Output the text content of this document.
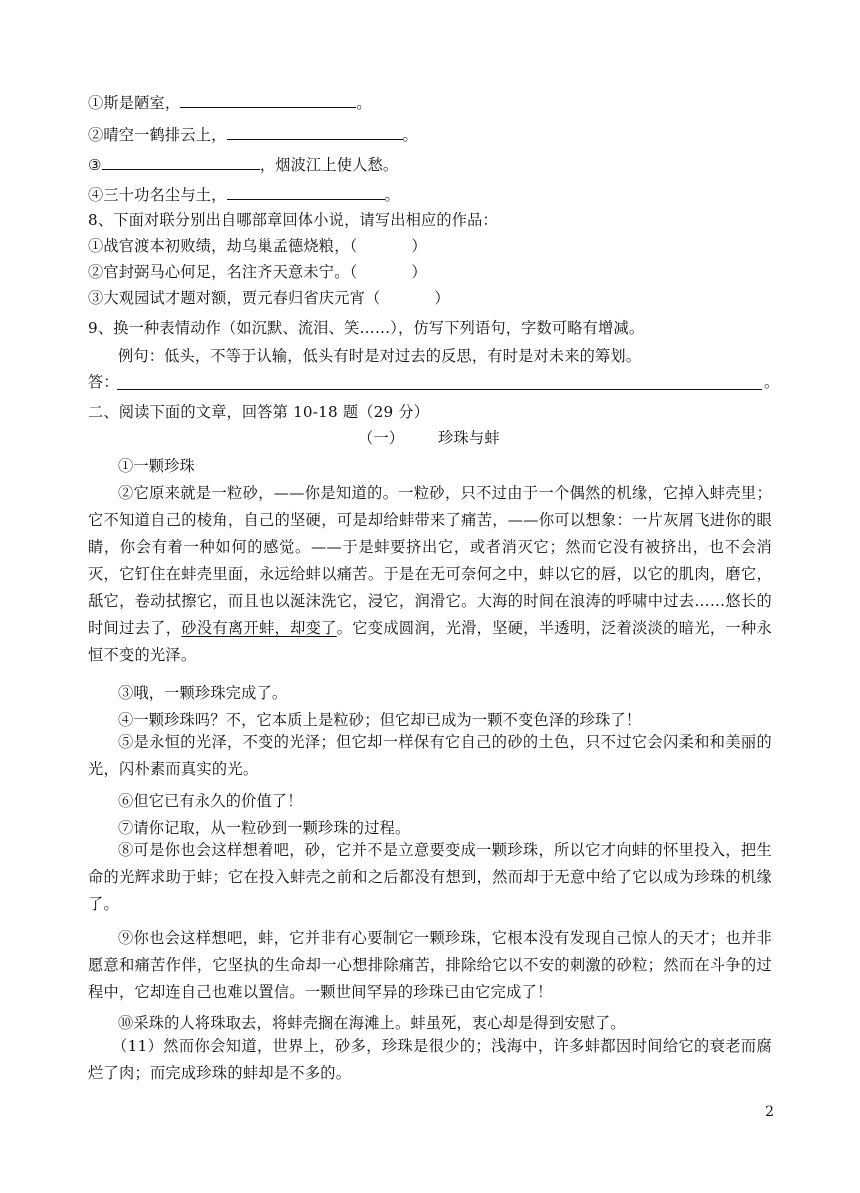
①斯是陋室，	。
②晴空一鹤排云上，	。
③	，烟波江上使人愁。
④三十功名尘与土，	。
8、下面对联分别出自哪部章回体小说，请写出相应的作品：
①战官渡本初败绩，劫乌巢孟德烧粮，（	）
②官封弼马心何足，名注齐天意未宁。（	）
③大观园试才题对额，贾元春归省庆元宵（	）
9、换一种表情动作（如沉默、流泪、笑……），仿写下列语句，字数可略有增减。
例句：低头，不等于认输，低头有时是对过去的反思，有时是对未来的筹划。
答：	。
二、阅读下面的文章，回答第 10-18 题（29 分）
（一） 珍珠与蚌
①一颗珍珠
②它原来就是一粒砂，——你是知道的。一粒砂，只不过由于一个偶然的机缘，它掉入蚌壳里；它不知道自己的棱角，自己的坚硬，可是却给蚌带来了痛苦，——你可以想象：一片灰屑飞进你的眼睛，你会有着一种如何的感觉。——于是蚌要挤出它，或者消灭它；然而它没有被挤出，也不会消灭，它钉住在蚌壳里面，永远给蚌以痛苦。于是在无可奈何之中，蚌以它的唇，以它的肌肉，磨它，舐它，卷动拭擦它，而且也以涎沫洗它，浸它，润滑它。大海的时间在浪涛的呼啸中过去……悠长的时间过去了，砂没有离开蚌，却变了。它变成圆润，光滑，坚硬，半透明，泛着淡淡的暗光，一种永恒不变的光泽。
③哦，一颗珍珠完成了。
④一颗珍珠吗？不，它本质上是粒砂；但它却已成为一颗不变色泽的珍珠了！
⑤是永恒的光泽，不变的光泽；但它却一样保有它自己的砂的土色，只不过它会闪柔和和美丽的光，闪朴素而真实的光。
⑥但它已有永久的价值了！
⑦请你记取，从一粒砂到一颗珍珠的过程。
⑧可是你也会这样想着吧，砂，它并不是立意要变成一颗珍珠，所以它才向蚌的怀里投入，把生命的光辉求助于蚌；它在投入蚌壳之前和之后都没有想到，然而却于无意中给了它以成为珍珠的机缘了。
⑨你也会这样想吧，蚌，它并非有心要制它一颗珍珠，它根本没有发现自己惊人的天才；也并非愿意和痛苦作伴，它坚执的生命却一心想排除痛苦，排除给它以不安的刺激的砂粒；然而在斗争的过程中，它却连自己也难以置信。一颗世间罕异的珍珠已由它完成了！
⑩采珠的人将珠取去，将蚌壳搁在海滩上。蚌虽死，衷心却是得到安慰了。
（11）然而你会知道，世界上，砂多，珍珠是很少的；浅海中，许多蚌都因时间给它的衰老而腐烂了肉；而完成珍珠的蚌却是不多的。
2
